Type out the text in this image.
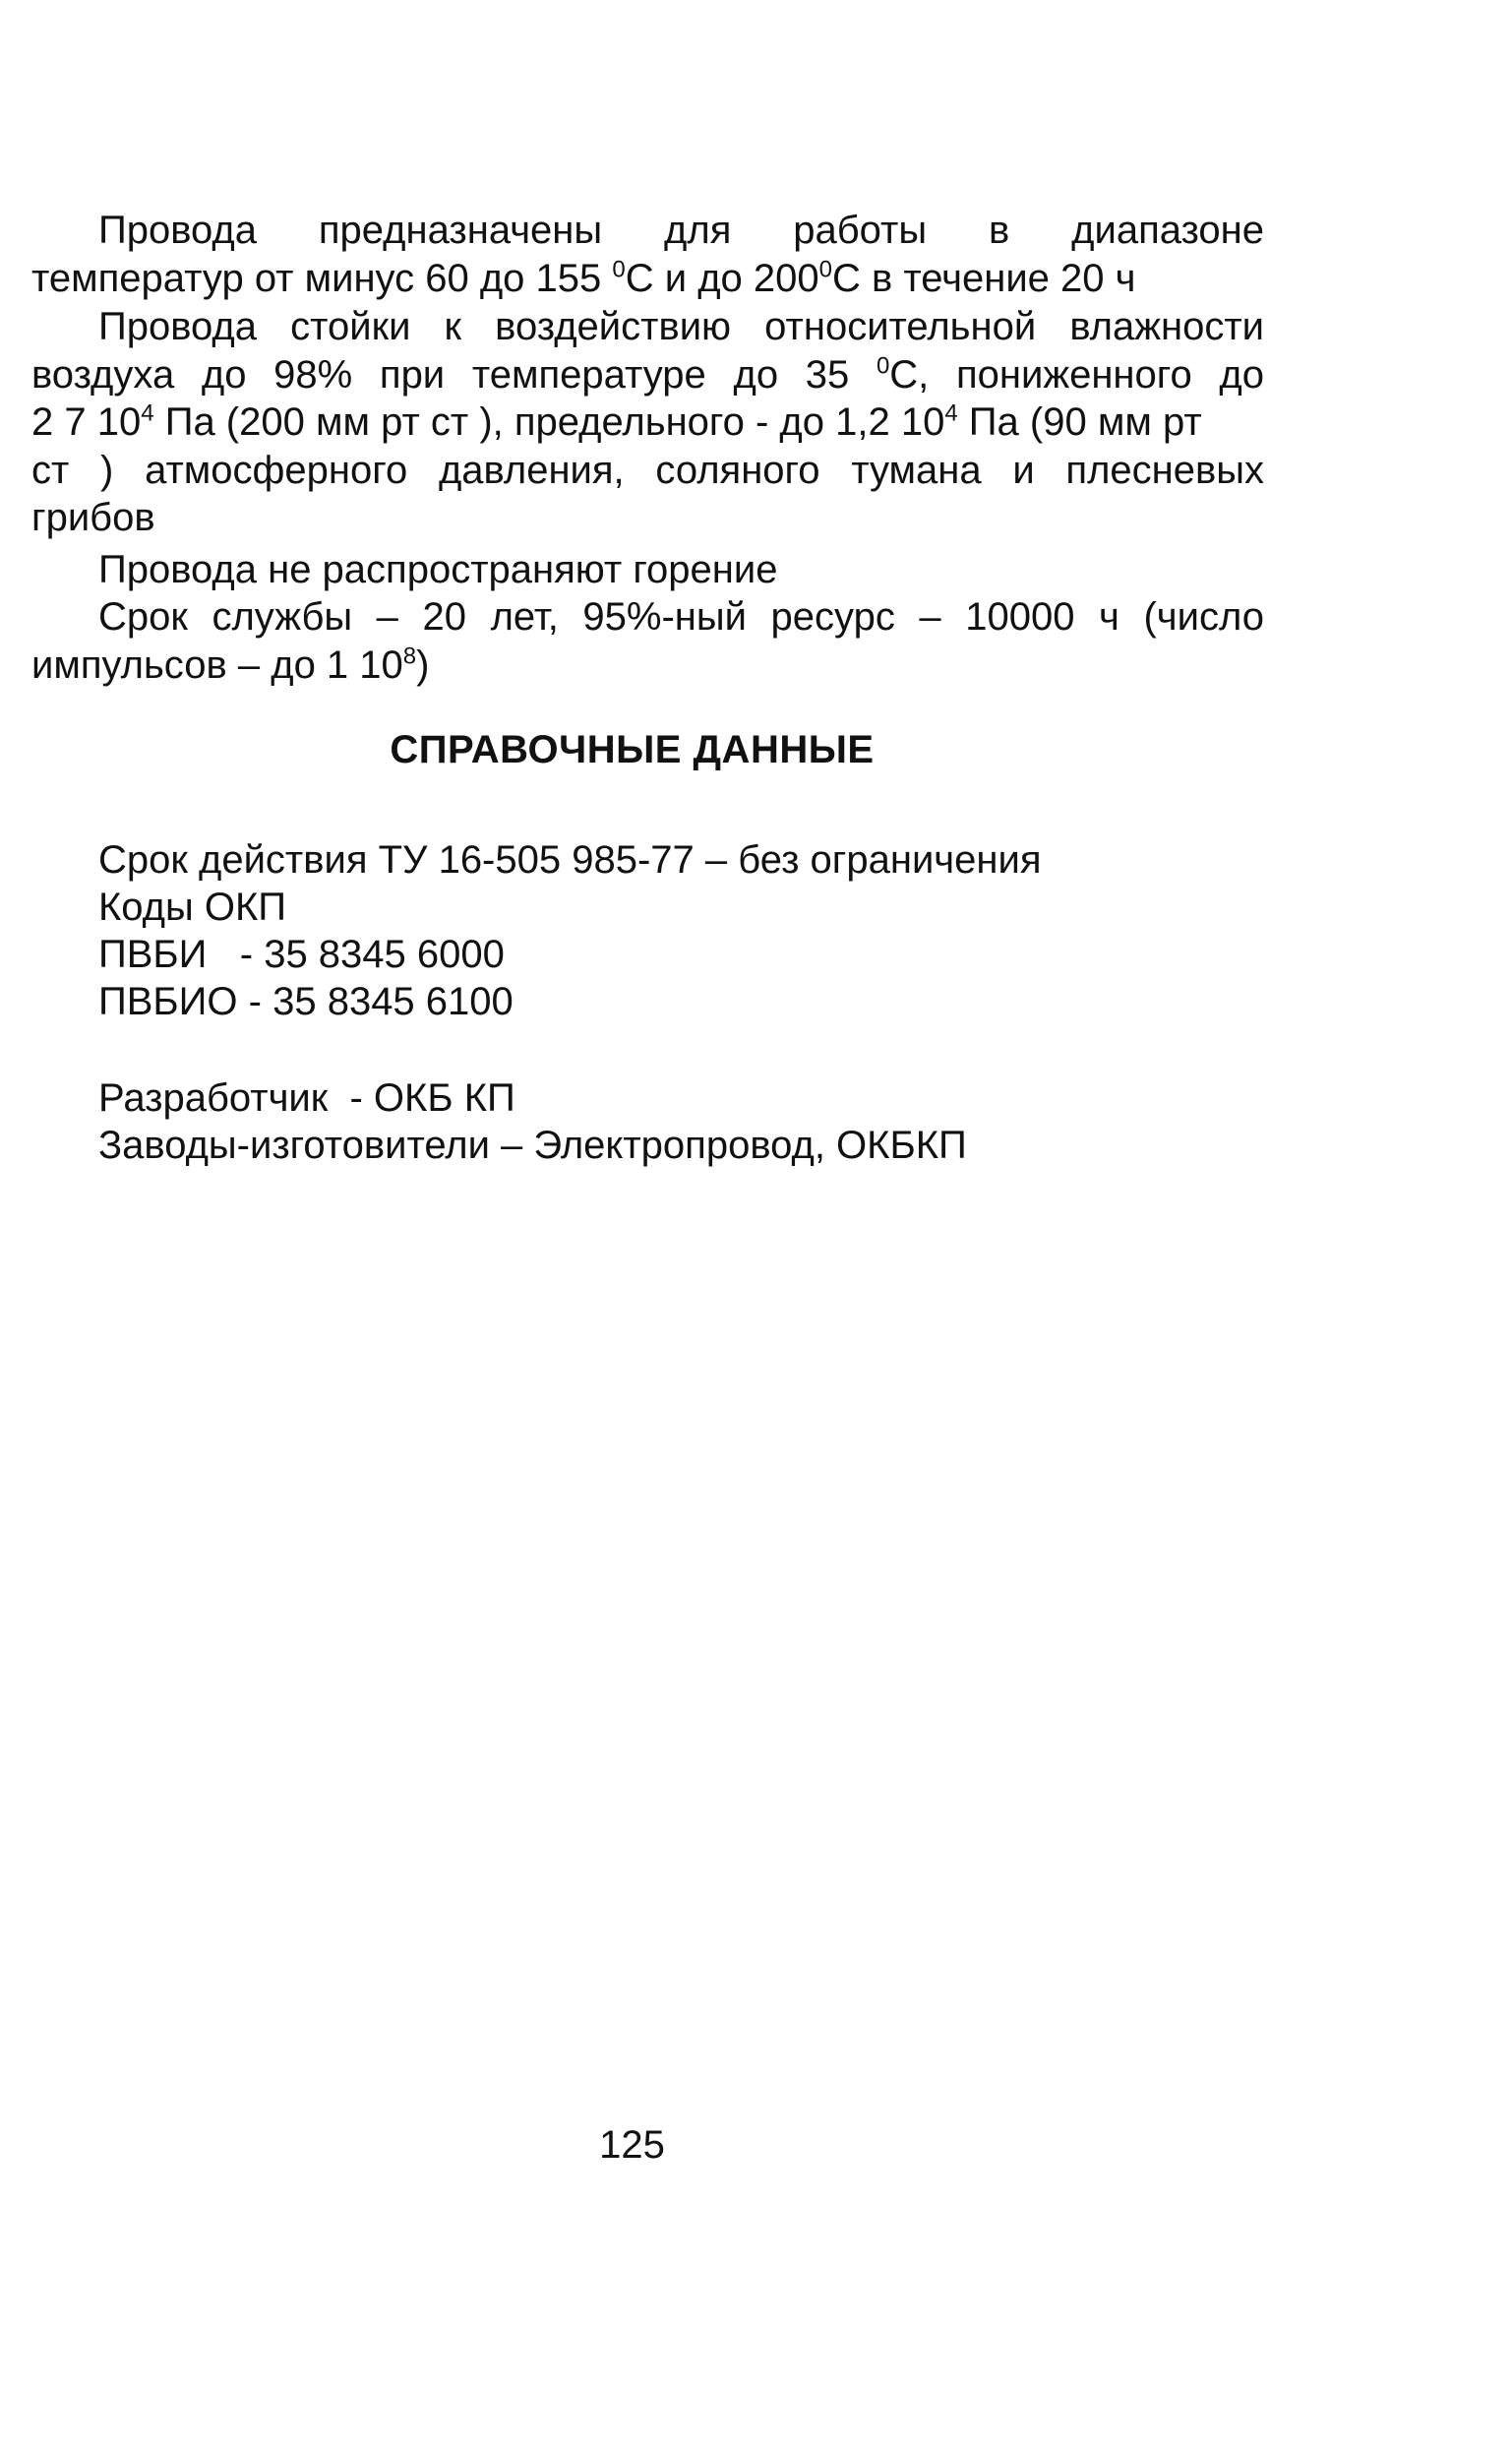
Провода предназначены для работы в диапазоне
температур от минус 60 до 155 $^0$С и до $200^0С$ в течение 20 ч
Провода стойки к воздействию относительной влажности
воздуха до 98% при температуре до 35 $^0$С, пониженного до
2 7 $10^4$ Па (200 мм рт ст ), предельного - до 1,2 $10^4$ Па (90 мм рт
ст ) атмосферного давления, соляного тумана и плесневых
грибов
Провода не распространяют горение
Срок службы – 20 лет, 95%-ный ресурс – 10000 ч (число
импульсов – до 1 $10^8$)
СПРАВОЧНЫЕ ДАННЫЕ

Срок действия ТУ 16-505 985-77 – без ограничения

Коды ОКП

ПВБИ   - 35 8345 6000

ПВБИО - 35 8345 6100

Разработчик  - ОКБ КП

Заводы-изготовители – Электропровод, ОКБКП

125
